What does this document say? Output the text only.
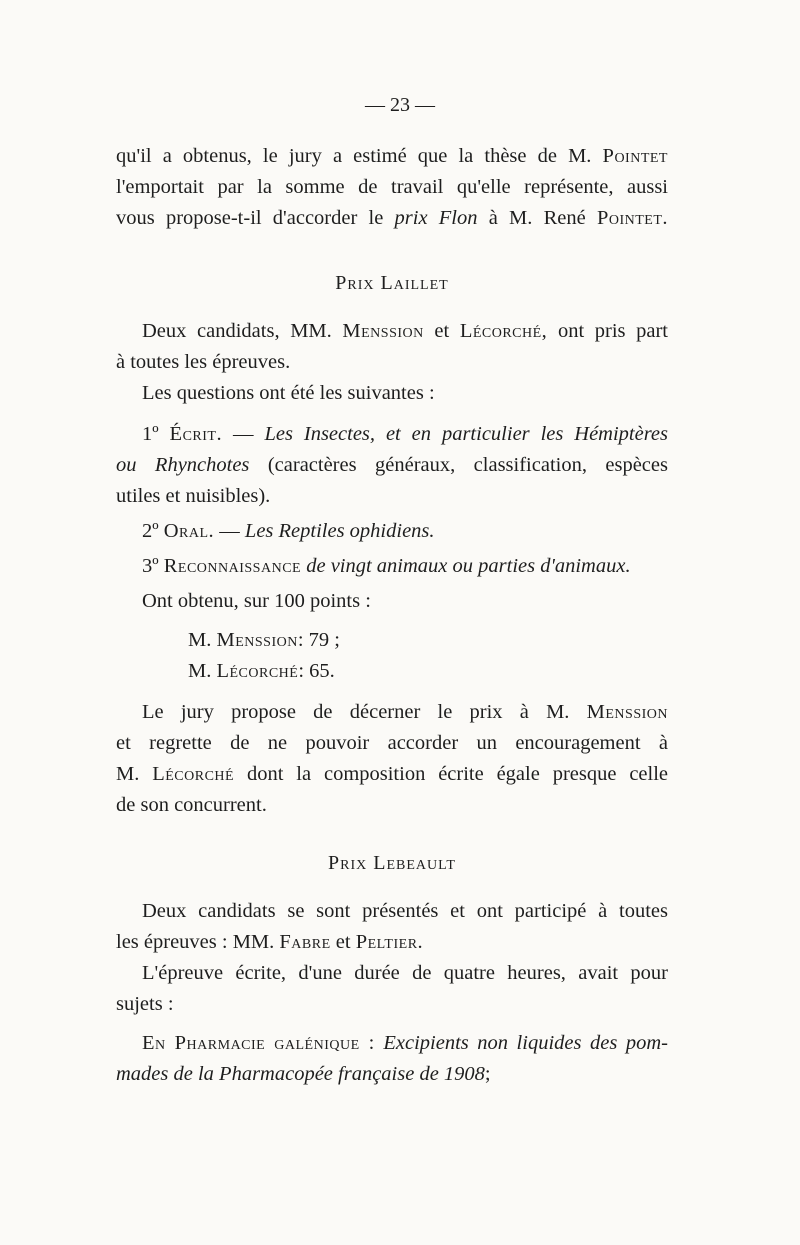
— 23 —

qu'il a obtenus, le jury a estimé que la thèse de M. Pointet

l'emportait par la somme de travail qu'elle représente, aussi

vous propose-t-il d'accorder le prix Flon à M. René Pointet.

Prix Laillet

Deux candidats, MM. Menssion et Lécorché, ont pris part

à toutes les épreuves.

Les questions ont été les suivantes :

1º Écrit. — Les Insectes, et en particulier les Hémiptères

ou Rhynchotes (caractères généraux, classification, espèces

utiles et nuisibles).

2º Oral. — Les Reptiles ophidiens.

3º Reconnaissance de vingt animaux ou parties d'animaux.

Ont obtenu, sur 100 points :

M. Menssion: 79 ;

M. Lécorché: 65.

Le jury propose de décerner le prix à M. Menssion

et regrette de ne pouvoir accorder un encouragement à

M. Lécorché dont la composition écrite égale presque celle

de son concurrent.

Prix Lebeault

Deux candidats se sont présentés et ont participé à toutes

les épreuves : MM. Fabre et Peltier.

L'épreuve écrite, d'une durée de quatre heures, avait pour

sujets :

En Pharmacie galénique : Excipients non liquides des pom-

mades de la Pharmacopée française de 1908;
